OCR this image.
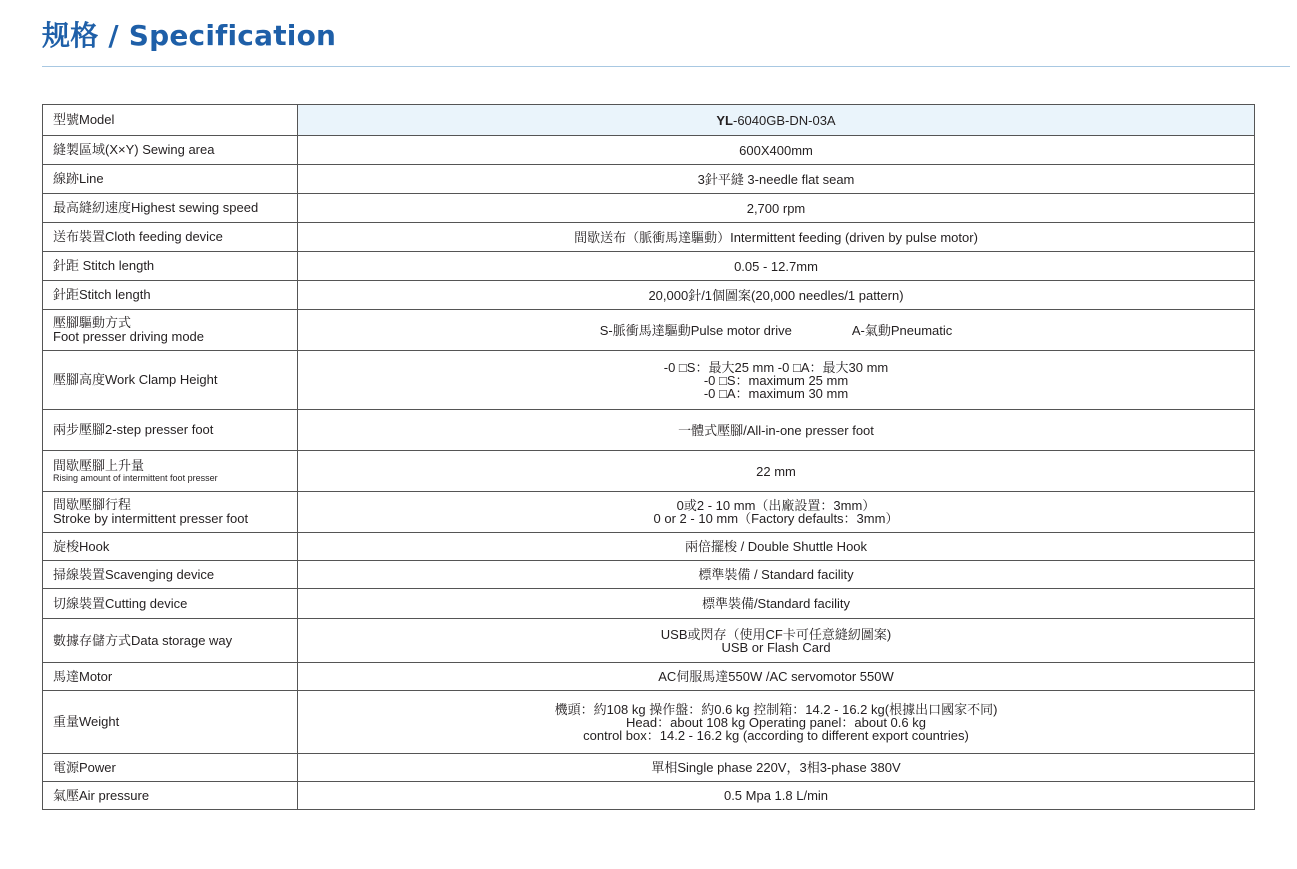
规格 / Specification
型號Model	YL-6040GB-DN-03A
縫製區域(X×Y) Sewing area	600X400mm
線跡Line	3針平縫 3-needle flat seam
最高縫紉速度Highest sewing speed	2,700 rpm
送布裝置Cloth feeding device	間歇送布（脈衝馬達驅動）Intermittent feeding (driven by pulse motor)
針距 Stitch length	0.05 - 12.7mm
針距Stitch length	20,000針/1個圖案(20,000 needles/1 pattern)

壓腳驅動方式
Foot presser driving mode	S-脈衝馬達驅動Pulse motor drive A-氣動Pneumatic
壓腳高度Work Clamp Height	-0 □S：最大25 mm -0 □A：最大30 mm
-0 □S：maximum 25 mm
-0 □A：maximum 30 mm

兩步壓腳2-step presser foot	一體式壓腳/All-in-one presser foot

間歇壓腳上升量
Rising amount of intermittent foot presser	22 mm

間歇壓腳行程
Stroke by intermittent presser foot	0或2 - 10 mm（出廠設置：3mm）
0 or 2 - 10 mm（Factory defaults：3mm）

旋梭Hook	兩倍擺梭 / Double Shuttle Hook
掃線裝置Scavenging device	標準裝備 / Standard facility
切線裝置Cutting device	標準裝備/Standard facility
數據存儲方式Data storage way	USB或閃存（使用CF卡可任意縫紉圖案)
USB or Flash Card

馬達Motor	AC伺服馬達550W /AC servomotor 550W
重量Weight	機頭：約108 kg 操作盤：約0.6 kg 控制箱：14.2 - 16.2 kg(根據出口國家不同)
Head：about 108 kg Operating panel：about 0.6 kg
control box：14.2 - 16.2 kg (according to different export countries)

電源Power	單相Single phase 220V，3相3-phase 380V
氣壓Air pressure	0.5 Mpa 1.8 L/min
